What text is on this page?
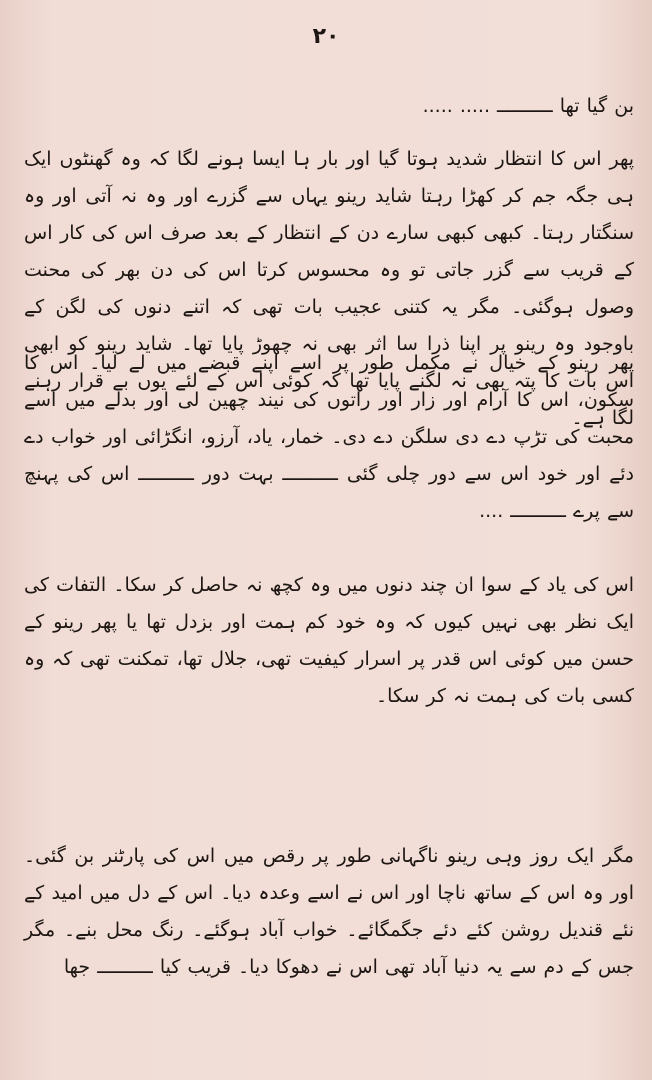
۲۰

بن گیا تھا ــــــــــ ..... .....

پھر اس کا انتظار شدید ہوتا گیا اور بار ہا ایسا ہونے لگا کہ وہ گھنٹوں ایک ہی جگہ جم کر کھڑا رہتا شاید رینو یہاں سے گزرے اور وہ نہ آتی اور وہ سنگتار رہتا۔ کبھی کبھی سارے دن کے انتظار کے بعد صرف اس کی کار اس کے قریب سے گزر جاتی تو وہ محسوس کرتا اس کی دن بھر کی محنت وصول ہوگئی۔ مگر یہ کتنی عجیب بات تھی کہ اتنے دنوں کی لگن کے باوجود وہ رینو پر اپنا ذرا سا اثر بھی نہ چھوڑ پایا تھا۔ شاید رینو کو ابھی اس بات کا پتہ بھی نہ لگنے پایا تھا کہ کوئی اس کے لئے یوں بے قرار رہنے لگا ہے۔

پھر رینو کے خیال نے مکمل طور پر اسے اپنے قبضے میں لے لیا۔ اس کا سکون، اس کا آرام اور زار اور راتوں کی نیند چھین لی اور بدلے میں اسے محبت کی تڑپ دے دی سلگن دے دی۔ خمار، یاد، آرزو، انگڑائی اور خواب دے دئے اور خود اس سے دور چلی گئی ــــــــــ بہت دور ــــــــــ اس کی پہنچ سے پرے ــــــــــ ....

اس کی یاد کے سوا ان چند دنوں میں وہ کچھ نہ حاصل کر سکا۔ التفات کی ایک نظر بھی نہیں کیوں کہ وہ خود کم ہمت اور بزدل تھا یا پھر رینو کے حسن میں کوئی اس قدر پر اسرار کیفیت تھی، جلال تھا، تمکنت تھی کہ وہ کسی بات کی ہمت نہ کر سکا۔

مگر ایک روز وہی رینو ناگہانی طور پر رقص میں اس کی پارٹنر بن گئی۔ اور وہ اس کے ساتھ ناچا اور اس نے اسے وعدہ دیا۔ اس کے دل میں امید کے نئے قندیل روشن کئے دئے جگمگائے۔ خواب آباد ہوگئے۔ رنگ محل بنے۔ مگر جس کے دم سے یہ دنیا آباد تھی اس نے دھوکا دیا۔ قریب کیا ــــــــــ جھا
